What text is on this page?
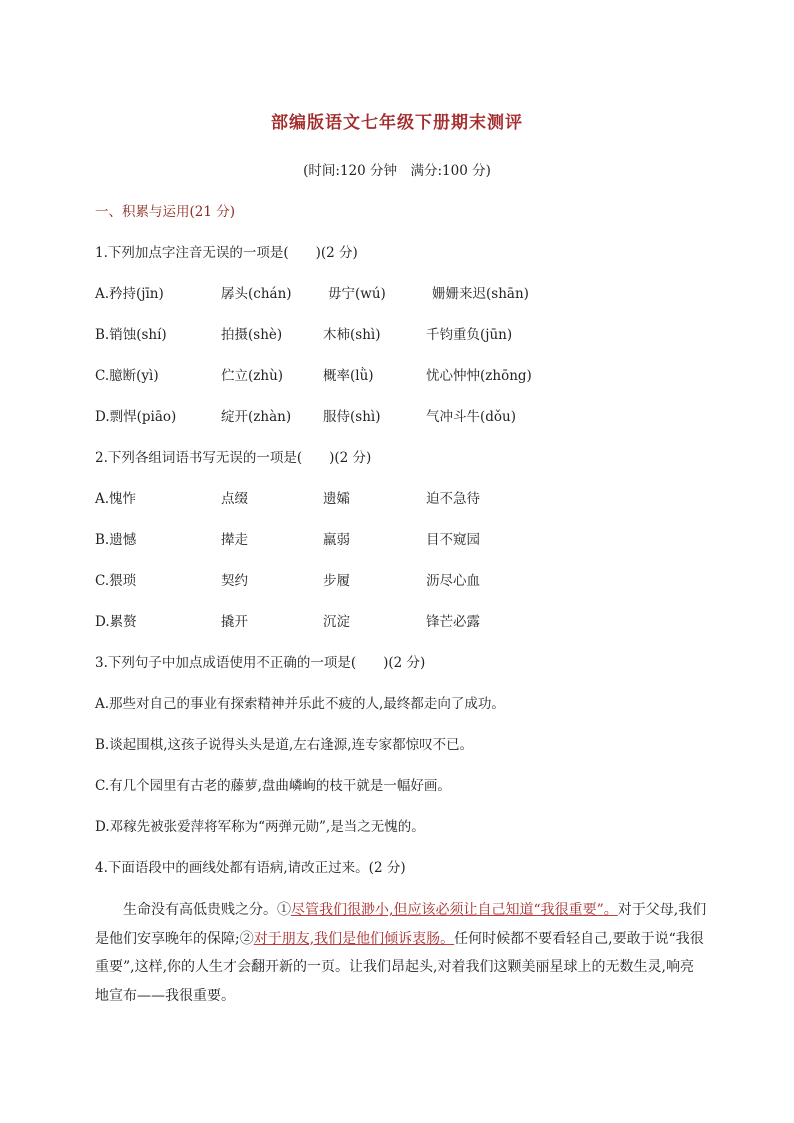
部编版语文七年级下册期末测评
(时间:120 分钟　满分:100 分)
一、积累与运用(21 分)
1.下列加点字注音无误的一项是(　　)(2 分)
A.矜持(jīn)	孱头(chán)	毋宁(wú)	姗姗来迟(shān)
B.销蚀(shí)	拍摄(shè)	木柿(shì)	千钧重负(jūn)
C.臆断(yì)	伫立(zhù)	概率(lǜ)	忧心忡忡(zhōng)
D.剽悍(piāo)	绽开(zhàn) 服侍(shì)	气冲斗牛(dǒu)
2.下列各组词语书写无误的一项是(　　)(2 分)
A.愧怍	点缀	遗孀	迫不急待
B.遗憾	撵走	羸弱	目不窥园
C.猥琐	契约	步履	沥尽心血
D.累赘	撬开	沉淀	锋芒必露
3.下列句子中加点成语使用不正确的一项是(　　)(2 分)
A.那些对自己的事业有探索精神并乐此不疲的人,最终都走向了成功。
B.谈起围棋,这孩子说得头头是道,左右逢源,连专家都惊叹不已。
C.有几个园里有古老的藤萝,盘曲嶙峋的枝干就是一幅好画。
D.邓稼先被张爱萍将军称为“两弹元勋”,是当之无愧的。
4.下面语段中的画线处都有语病,请改正过来。(2 分)

生命没有高低贵贱之分。①尽管我们很渺小,但应该必须让自己知道“我很重要”。对于父母,我们是他们安享晚年的保障;②对于朋友,我们是他们倾诉衷肠。任何时候都不要看轻自己,要敢于说“我很重要”,这样,你的人生才会翻开新的一页。让我们昂起头,对着我们这颗美丽星球上的无数生灵,响亮地宣布——我很重要。
